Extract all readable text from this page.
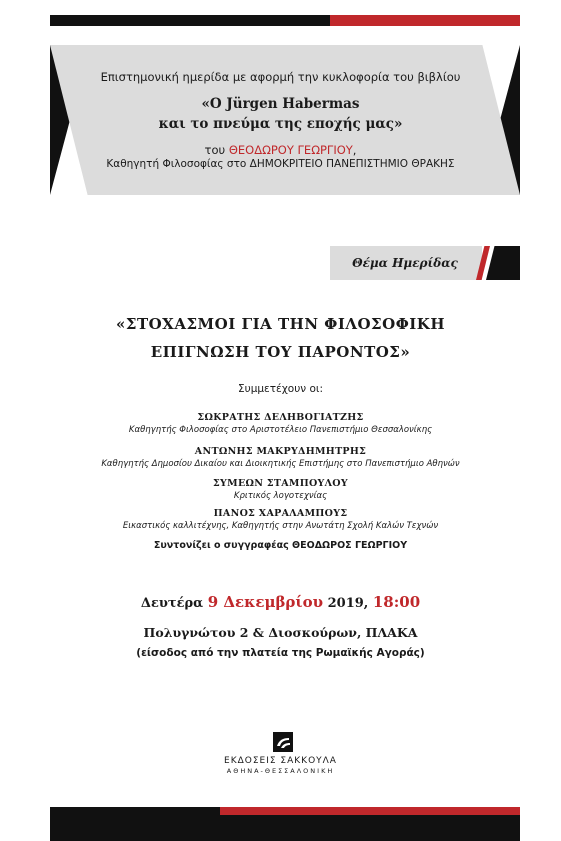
Επιστημονική ημερίδα με αφορμή την κυκλοφορία του βιβλίου
«Ο Jürgen Habermas
και το πνεύμα της εποχής μας»
του ΘΕΟΔΩΡΟΥ ΓΕΩΡΓΙΟΥ,
Καθηγητή Φιλοσοφίας στο ΔΗΜΟΚΡΙΤΕΙΟ ΠΑΝΕΠΙΣΤΗΜΙΟ ΘΡΑΚΗΣ
Θέμα Ημερίδας
«ΣΤΟΧΑΣΜΟΙ ΓΙΑ ΤΗΝ ΦΙΛΟΣΟΦΙΚΗ
ΕΠΙΓΝΩΣΗ ΤΟΥ ΠΑΡΟΝΤΟΣ»
Συμμετέχουν οι:
ΣΩΚΡΑΤΗΣ ΔΕΛΗΒΟΓΙΑΤΖΗΣ
Καθηγητής Φιλοσοφίας στο Αριστοτέλειο Πανεπιστήμιο Θεσσαλονίκης
ΑΝΤΩΝΗΣ ΜΑΚΡΥΔΗΜΗΤΡΗΣ
Καθηγητής Δημοσίου Δικαίου και Διοικητικής Επιστήμης στο Πανεπιστήμιο Αθηνών
ΣΥΜΕΩΝ ΣΤΑΜΠΟΥΛΟΥ
Κριτικός λογοτεχνίας
ΠΑΝΟΣ ΧΑΡΑΛΑΜΠΟΥΣ
Εικαστικός καλλιτέχνης, Καθηγητής στην Ανωτάτη Σχολή Καλών Τεχνών
Συντονίζει ο συγγραφέας ΘΕΟΔΩΡΟΣ ΓΕΩΡΓΙΟΥ
Δευτέρα 9 Δεκεμβρίου 2019, 18:00
Πολυγνώτου 2 & Διοσκούρων, ΠΛΑΚΑ
(είσοδος από την πλατεία της Ρωμαϊκής Αγοράς)
ΕΚΔΟΣΕΙΣ ΣΑΚΚΟΥΛΑ
ΑΘΗΝΑ-ΘΕΣΣΑΛΟΝΙΚΗ
